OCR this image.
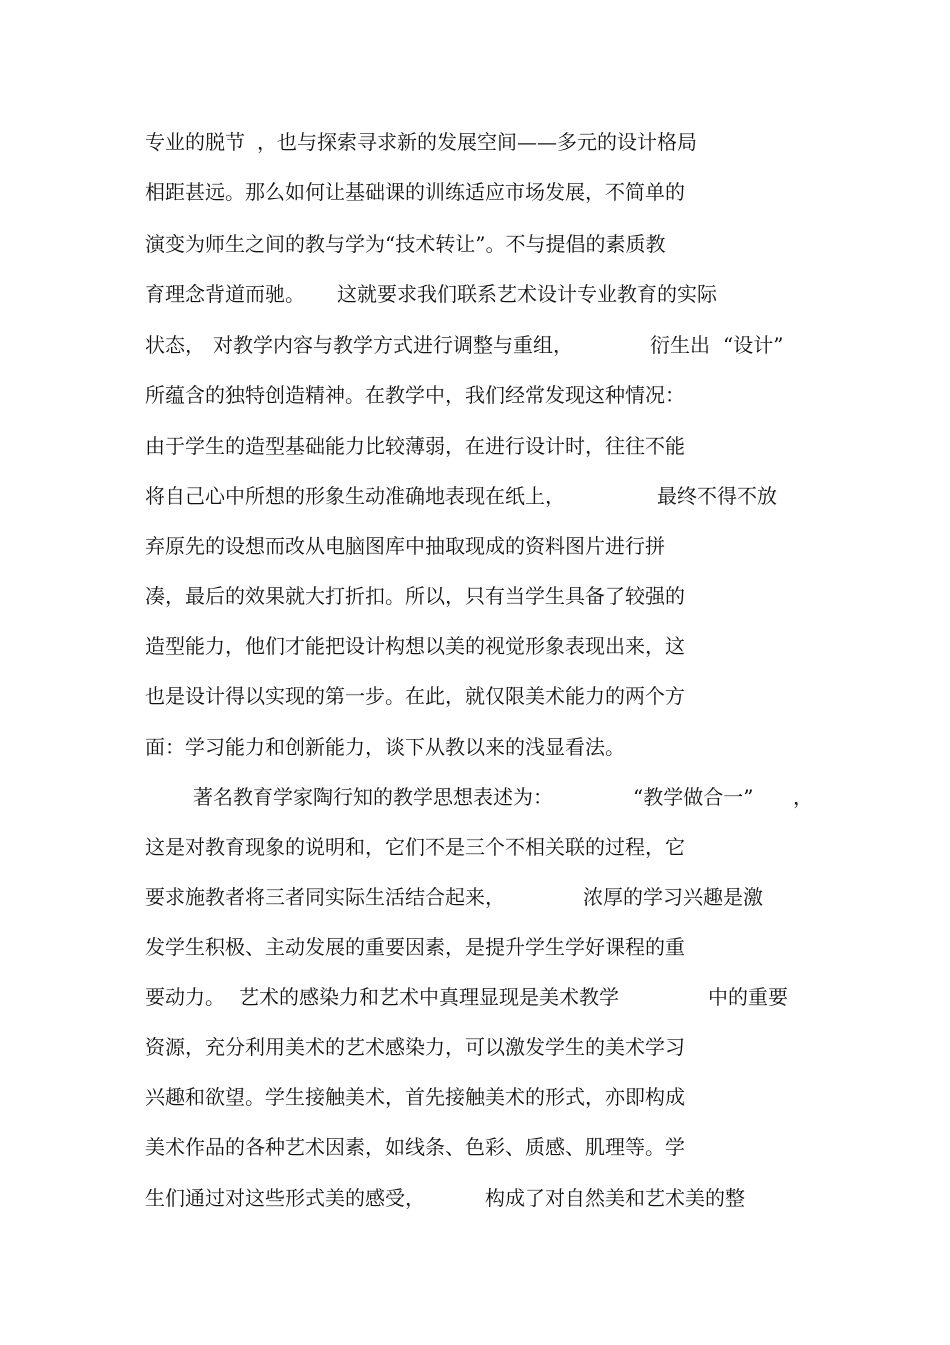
专业的脱节

，也与探索寻求新的发展空间——多元的设计格局

相距甚远。那么如何让基础课的训练适应市场发展，不简单的

演变为师生之间的教与学为“技术转让”。不与提倡的素质教

育理念背道而驰。

这就要求我们联系艺术设计专业教育的实际

状态，

对教学内容与教学方式进行调整与重组，

	衍生出

“设计”

所蕴含的独特创造精神。在教学中，我们经常发现这种情况：

由于学生的造型基础能力比较薄弱，在进行设计时，往往不能

将自己心中所想的形象生动准确地表现在纸上，

	最终不得不放

弃原先的设想而改从电脑图库中抽取现成的资料图片进行拼

凑，最后的效果就大打折扣。所以，只有当学生具备了较强的

造型能力，他们才能把设计构想以美的视觉形象表现出来，这

也是设计得以实现的第一步。在此，就仅限美术能力的两个方

面：学习能力和创新能力，谈下从教以来的浅显看法。

著名教育学家陶行知的教学思想表述为：

	“教学做合一”

，

这是对教育现象的说明和，它们不是三个不相关联的过程，它

要求施教者将三者同实际生活结合起来，

	浓厚的学习兴趣是激

发学生积极、主动发展的重要因素，是提升学生学好课程的重

要动力。

艺术的感染力和艺术中真理显现是美术教学

	中的重要

资源，充分利用美术的艺术感染力，可以激发学生的美术学习

兴趣和欲望。学生接触美术，首先接触美术的形式，亦即构成

美术作品的各种艺术因素，如线条、色彩、质感、肌理等。学

生们通过对这些形式美的感受，

	构成了对自然美和艺术美的整
